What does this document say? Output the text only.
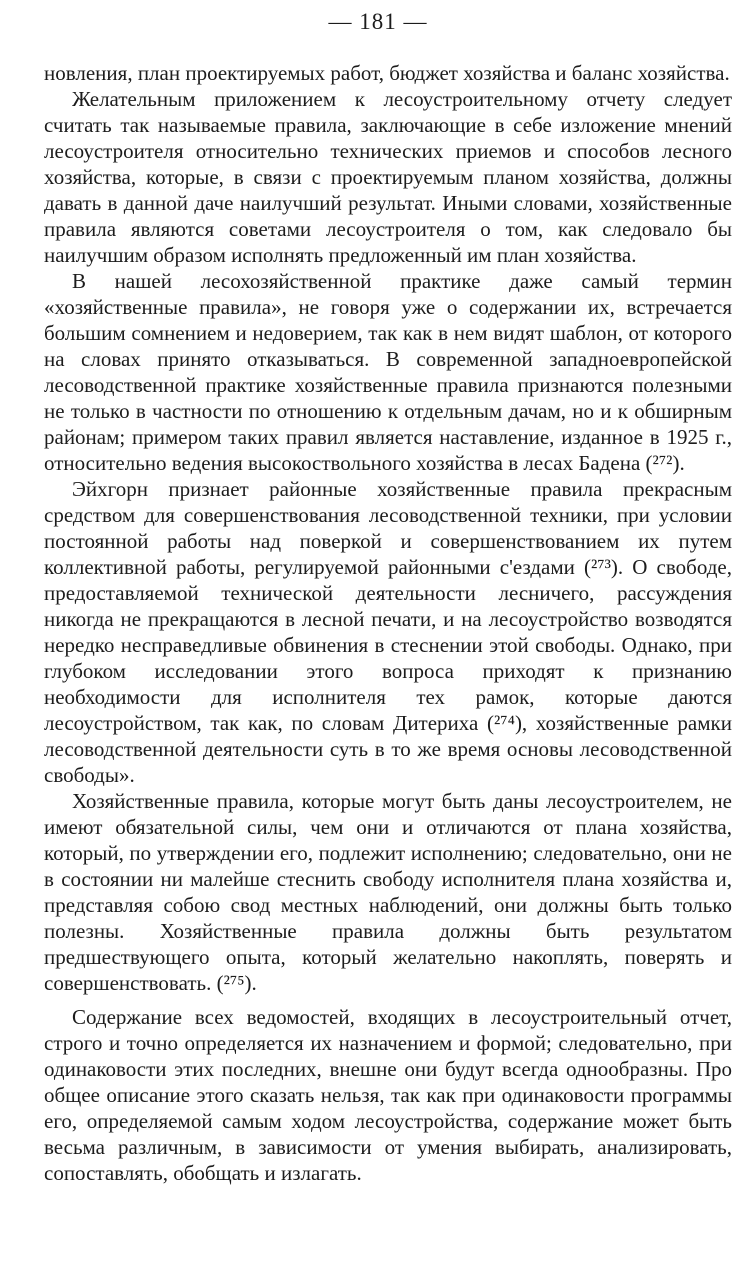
— 181 —

новления, план проектируемых работ, бюджет хозяйства и баланс хозяйства.

Желательным приложением к лесоустроительному отчету следует считать так называемые правила, заключающие в себе изложение мнений лесоустроителя относительно технических приемов и способов лесного хозяйства, которые, в связи с проектируемым планом хозяйства, должны давать в данной даче наилучший результат. Иными словами, хозяйственные правила являются советами лесоустроителя о том, как следовало бы наилучшим образом исполнять предложенный им план хозяйства.

В нашей лесохозяйственной практике даже самый термин «хозяйственные правила», не говоря уже о содержании их, встречается большим сомнением и недоверием, так как в нем видят шаблон, от которого на словах принято отказываться. В современной западноевропейской лесоводственной практике хозяйственные правила признаются полезными не только в частности по отношению к отдельным дачам, но и к обширным районам; примером таких правил является наставление, изданное в 1925 г., относительно ведения высокоствольного хозяйства в лесах Бадена (²⁷²).

Эйхгорн признает районные хозяйственные правила прекрасным средством для совершенствования лесоводственной техники, при условии постоянной работы над поверкой и совершенствованием их путем коллективной работы, регулируемой районными с'ездами (²⁷³). О свободе, предоставляемой технической деятельности лесничего, рассуждения никогда не прекращаются в лесной печати, и на лесоустройство возводятся нередко несправедливые обвинения в стеснении этой свободы. Однако, при глубоком исследовании этого вопроса приходят к признанию необходимости для исполнителя тех рамок, которые даются лесоустройством, так как, по словам Дитериха (²⁷⁴), хозяйственные рамки лесоводственной деятельности суть в то же время основы лесоводственной свободы».

Хозяйственные правила, которые могут быть даны лесоустроителем, не имеют обязательной силы, чем они и отличаются от плана хозяйства, который, по утверждении его, подлежит исполнению; следовательно, они не в состоянии ни малейше стеснить свободу исполнителя плана хозяйства и, представляя собою свод местных наблюдений, они должны быть только полезны. Хозяйственные правила должны быть результатом предшествующего опыта, который желательно накоплять, поверять и совершенствовать. (²⁷⁵).

Содержание всех ведомостей, входящих в лесоустроительный отчет, строго и точно определяется их назначением и формой; следовательно, при одинаковости этих последних, внешне они будут всегда однообразны. Про общее описание этого сказать нельзя, так как при одинаковости программы его, определяемой самым ходом лесоустройства, содержание может быть весьма различным, в зависимости от умения выбирать, анализировать, сопоставлять, обобщать и излагать.
